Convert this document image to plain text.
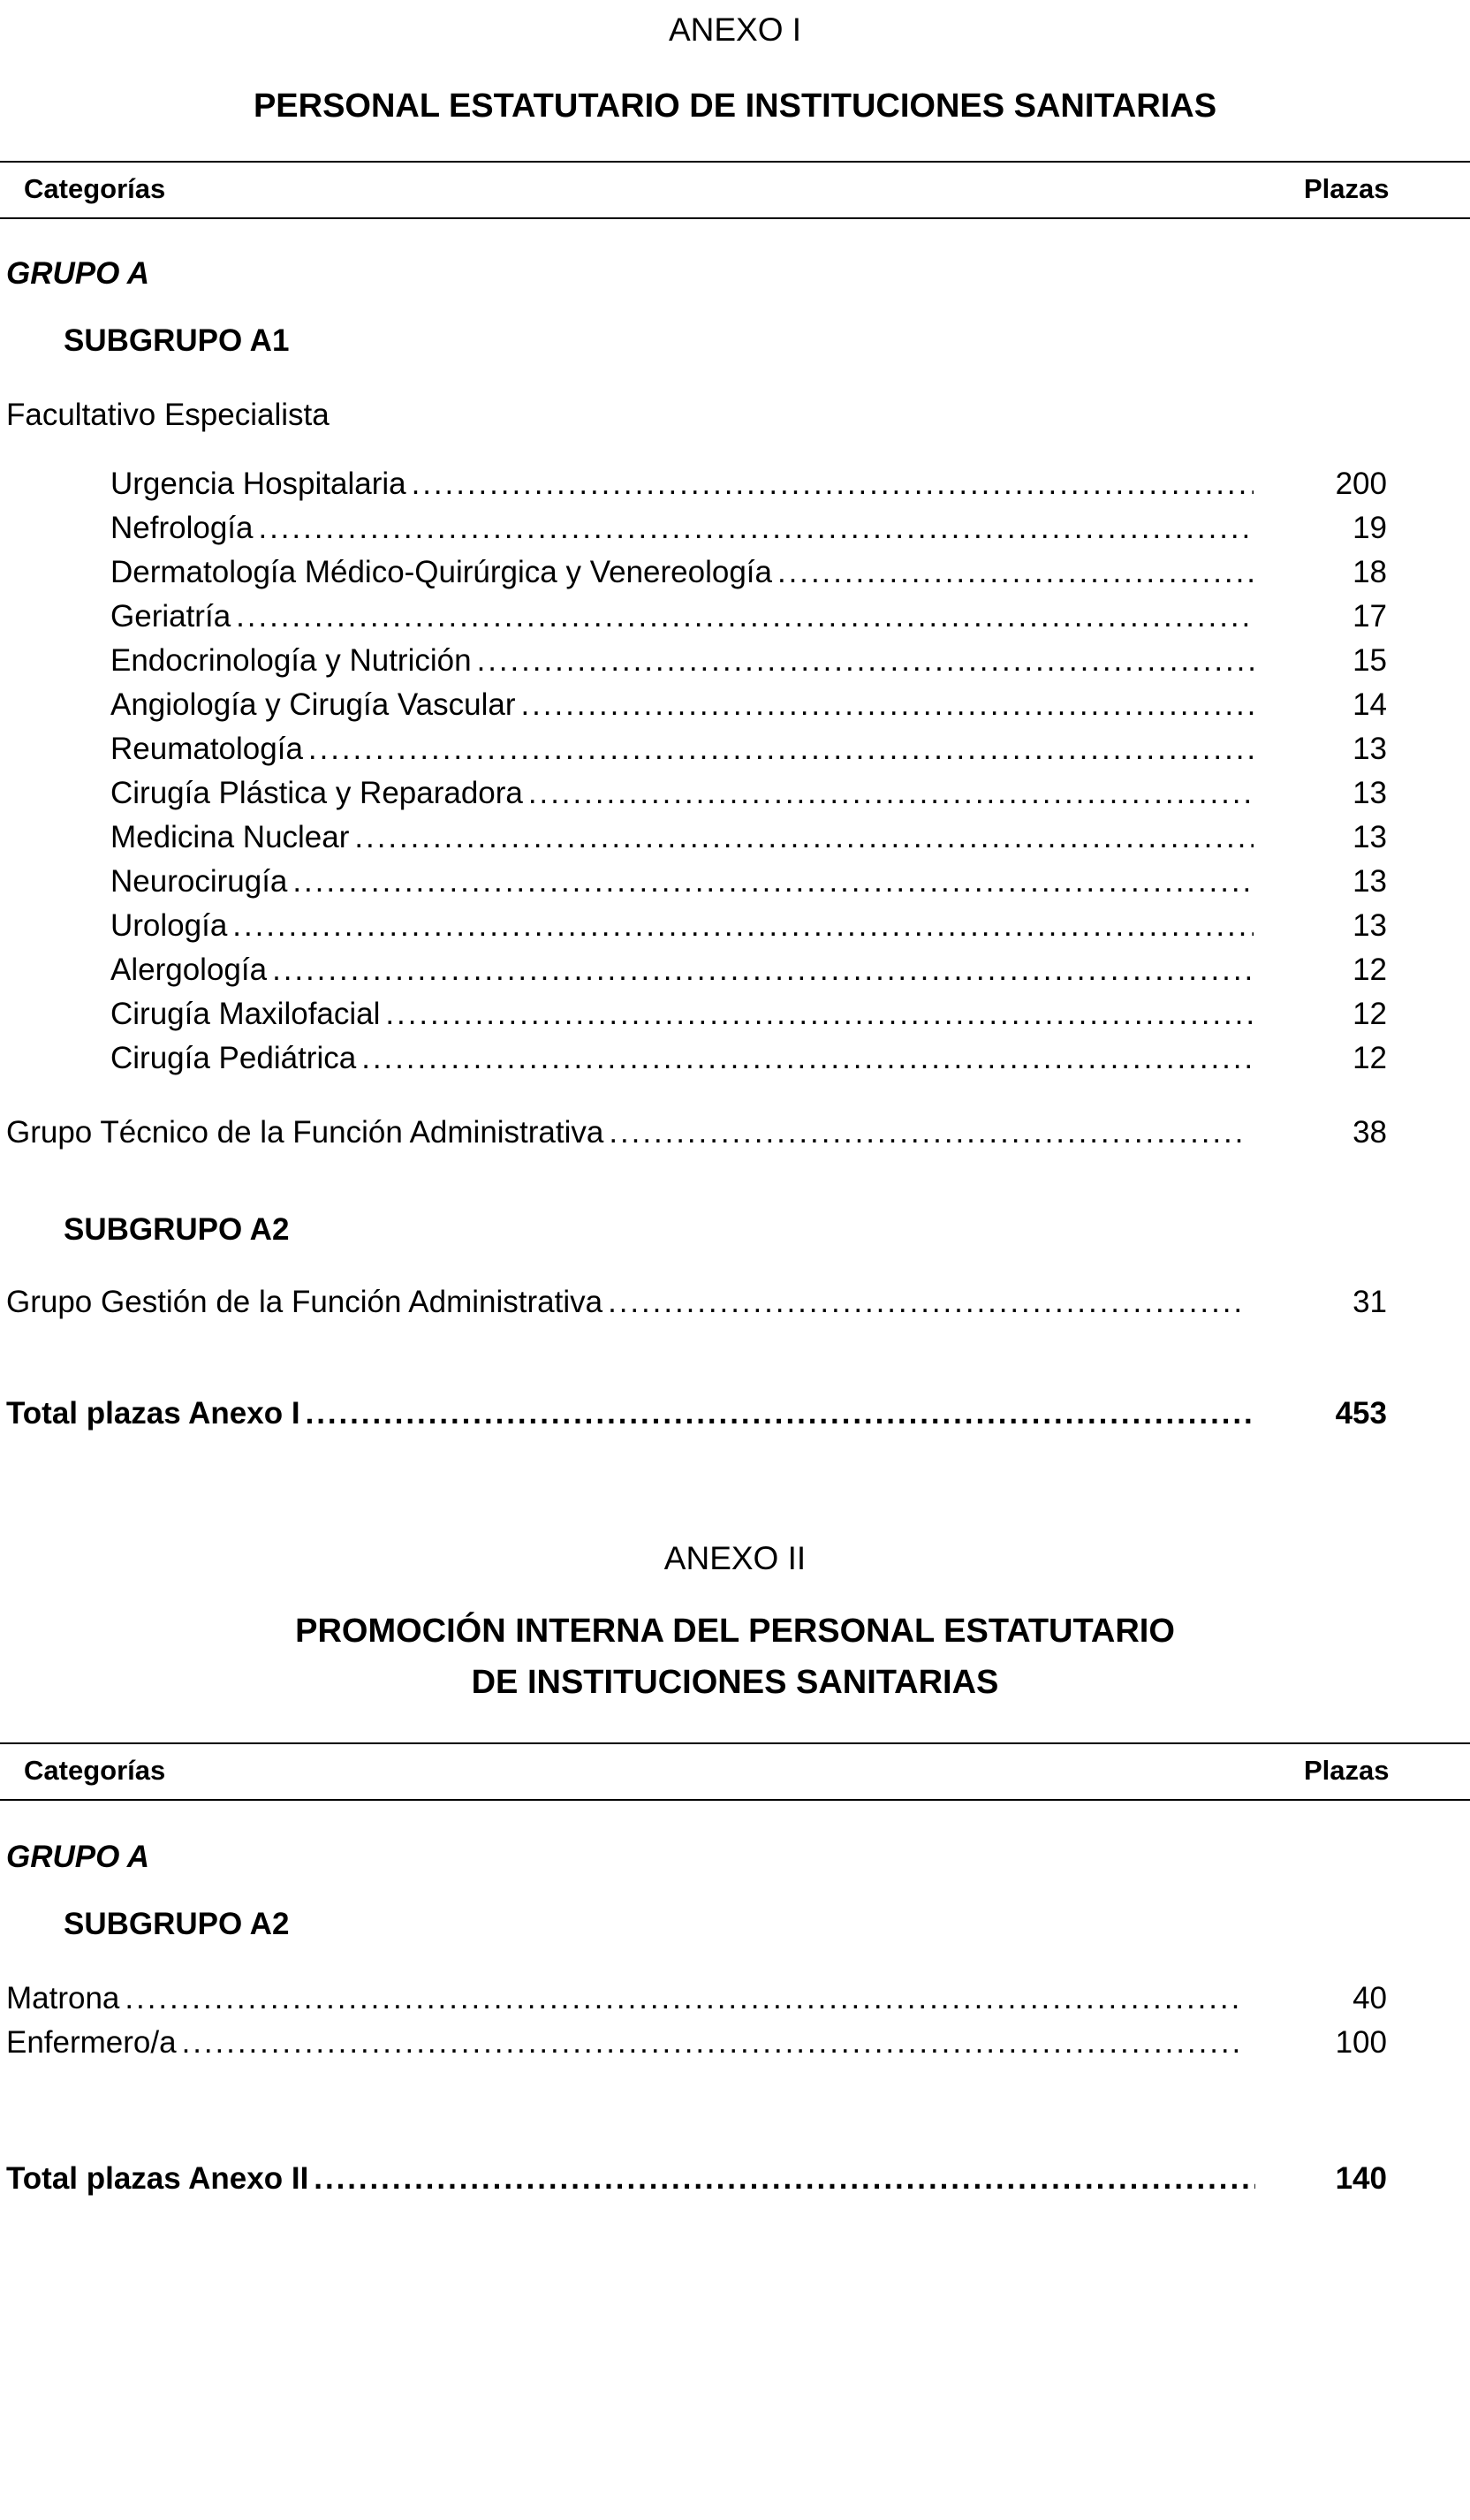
ANEXO I
PERSONAL ESTATUTARIO DE INSTITUCIONES SANITARIAS
Categorías	Plazas
GRUPO A
SUBGRUPO A1
Facultativo Especialista
Urgencia Hospitalaria . . .	200
Nefrología . . .	19
Dermatología Médico-Quirúrgica y Venereología . . .	18
Geriatría . . .	17
Endocrinología y Nutrición . . .	15
Angiología y Cirugía Vascular . . .	14
Reumatología . . .	13
Cirugía Plástica y Reparadora . . .	13
Medicina Nuclear . . .	13
Neurocirugía . . .	13
Urología . . .	13
Alergología . . .	12
Cirugía Maxilofacial . . .	12
Cirugía Pediátrica . . .	12
Grupo Técnico de la Función Administrativa . . .	38
SUBGRUPO A2
Grupo Gestión de la Función Administrativa . . .	31
Total plazas Anexo I . . .	453
ANEXO II
PROMOCIÓN INTERNA DEL PERSONAL ESTATUTARIO
DE INSTITUCIONES SANITARIAS
Categorías	Plazas
GRUPO A
SUBGRUPO A2
Matrona . . .	40
Enfermero/a . . .	100
Total plazas Anexo II . . .	140
